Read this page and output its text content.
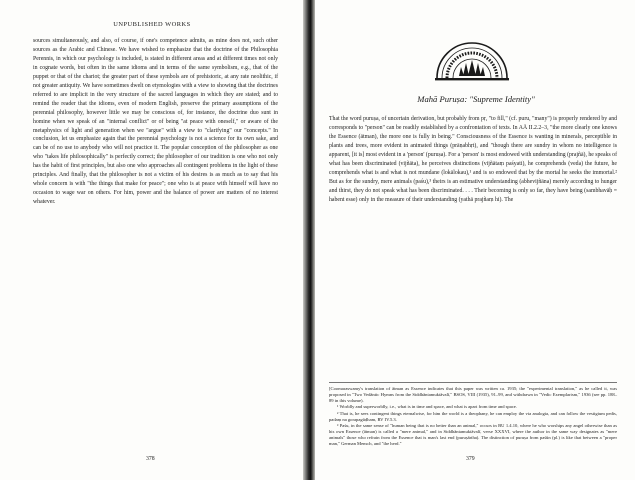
UNPUBLISHED WORKS

sources simultaneously, and also, of course, if one's competence admits, as mine does not, such other sources as the Arabic and Chinese. We have wished to emphasize that the doctrine of the Philosophia Perennis, in which our psychology is included, is stated in different areas and at different times not only in cognate words, but often in the same idioms and in terms of the same symbolism, e.g., that of the puppet or that of the chariot; the greater part of these symbols are of prehistoric, at any rate neolithic, if not greater antiquity. We have sometimes dwelt on etymologies with a view to showing that the doctrines referred to are implicit in the very structure of the sacred languages in which they are stated; and to remind the reader that the idioms, even of modern English, preserve the primary assumptions of the perennial philosophy, however little we may be conscious of, for instance, the doctrine duo sunt in homine when we speak of an "internal conflict" or of being "at peace with oneself," or aware of the metaphysics of light and generation when we "argue" with a view to "clarifying" our "concepts." In conclusion, let us emphasize again that the perennial psychology is not a science for its own sake, and can be of no use to anybody who will not practice it. The popular conception of the philosopher as one who "takes life philosophically" is perfectly correct; the philosopher of our tradition is one who not only has the habit of first principles, but also one who approaches all contingent problems in the light of these principles. And finally, that the philosopher is not a victim of his desires is as much as to say that his whole concern is with "the things that make for peace"; one who is at peace with himself will have no occasion to wage war on others. For him, power and the balance of power are matters of no interest whatever.

378
Mahā Puruṣa: "Supreme Identity"

That the word puruṣa, of uncertain derivation, but probably from pṛ, "to fill," (cf. puru, "many") is properly rendered by and corresponds to "person" can be readily established by a confrontation of texts. In AĀ II.2.2–3, "the more clearly one knows the Essence (ātman), the more one is fully in being." Consciousness of the Essence is wanting in minerals, perceptible in plants and trees, more evident in animated things (prāṇabhṛt), and "though there are sundry in whom no intelligence is apparent, [it is] most evident in a 'person' (puruṣa). For a 'person' is most endowed with understanding (prajñā), he speaks of what has been discriminated (vijñāta), he perceives distinctions (vijñātaṃ paśyati), he comprehends (veda) the future, he comprehends what is and what is not mundane (lokālokau),¹ and is so endowed that by the mortal he seeks the immortal.² But as for the sundry, mere animals (paśu),³ theirs is an estimative understanding (abhevijñāna) merely according to hunger and thirst, they do not speak what has been discriminated. . . . Their becoming is only so far, they have being (sambhavāḥ = habent esse) only in the measure of their understanding (yathā prajñaṃ hi). The

[Coomaraswamy's translation of ātman as Essence indicates that this paper was written ca. 1935; the "experimental translation," as he called it, was proposed in "Two Vedāntic Hymns from the Siddhāntamuktāvalī," BSOS, VIII (1935), 91–99, and withdrawn in "Vedic Exemplarism," 1936 (see pp. 188–89 in this volume).

¹ Worldly and superworldly, i.e., what is in time and space, and what is apart from time and space.

² That is, he sees contingent things eternalwise, for him the world is a theophany, he can employ the via analogia, and can follow the vestigium pedis, padaṃ na gorapagūḍham, RV IV.5.3.

³ Paśu, in the same sense of "human being that is no better than an animal," occurs in BU 1.4.10, where he who worships any angel otherwise than as his own Essence (ātman) is called a "mere animal," and in Siddhāntamuktāvalī, verse XXXVI, where the author in the same way designates as "mere animals" those who refrain from the Essence that is man's last end (puruṣārtha). The distinction of puruṣa from paśūn (pl.) is like that between a "proper man," German Mensch, and "the herd."

379
